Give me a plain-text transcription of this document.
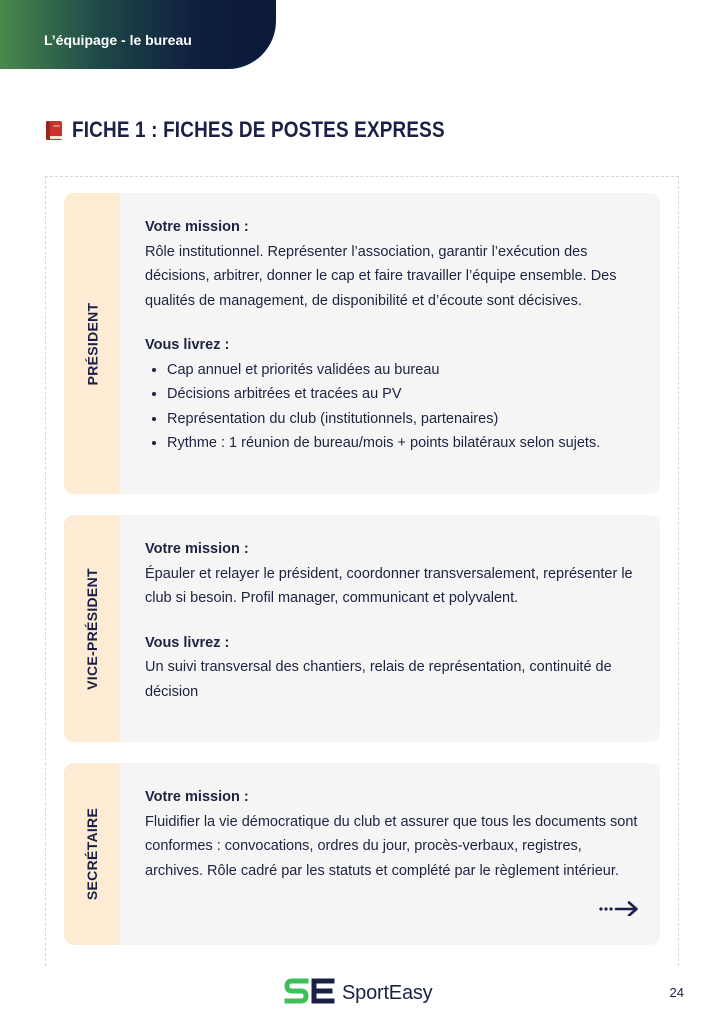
L’équipage - le bureau
FICHE 1 : FICHES DE POSTES EXPRESS
PRÉSIDENT

Votre mission :

Rôle institutionnel. Représenter l’association, garantir l’exécution des décisions, arbitrer, donner le cap et faire travailler l’équipe ensemble. Des qualités de management, de disponibilité et d’écoute sont décisives.

Vous livrez :

• Cap annuel et priorités validées au bureau
• Décisions arbitrées et tracées au PV
• Représentation du club (institutionnels, partenaires)
• Rythme : 1 réunion de bureau/mois + points bilatéraux selon sujets.
VICE-PRÉSIDENT

Votre mission :

Épauler et relayer le président, coordonner transversalement, représenter le club si besoin. Profil manager, communicant et polyvalent.

Vous livrez :

Un suivi transversal des chantiers, relais de représentation, continuité de décision

SECRÉTAIRE

Votre mission :

Fluidifier la vie démocratique du club et assurer que tous les documents sont conformes : convocations, ordres du jour, procès-verbaux, registres, archives. Rôle cadré par les statuts et complété par le règlement intérieur.

SportEasy	24
